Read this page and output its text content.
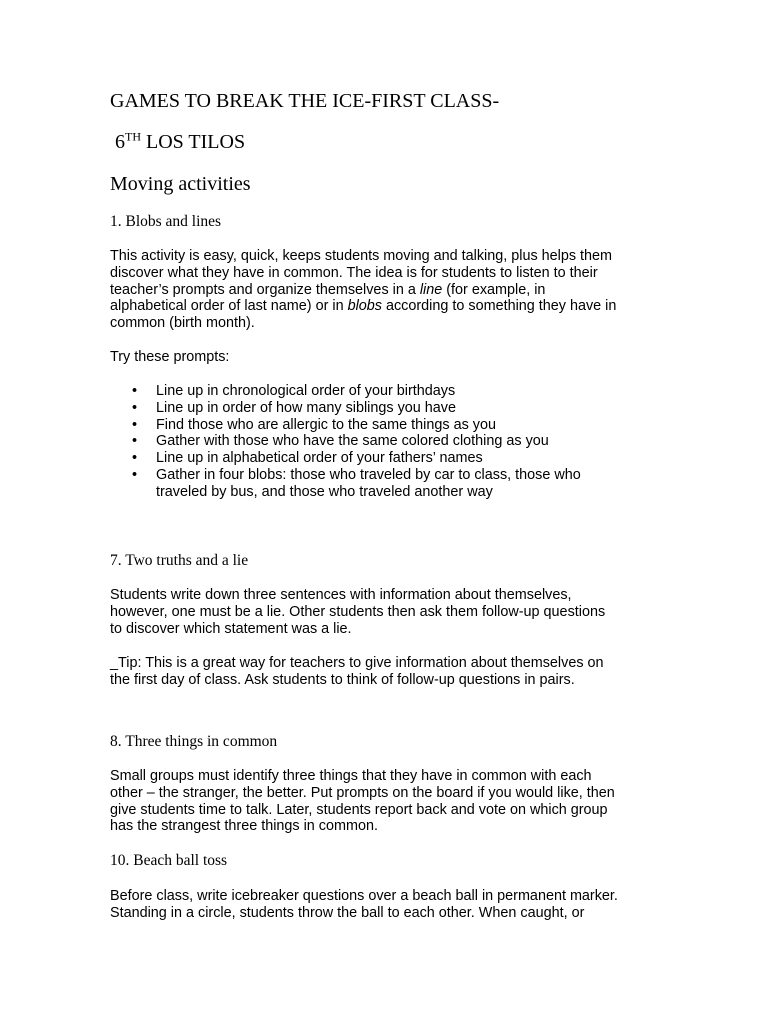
GAMES TO BREAK THE ICE-FIRST CLASS-
6TH LOS TILOS
Moving activities
1. Blobs and lines

This activity is easy, quick, keeps students moving and talking, plus helps them
discover what they have in common. The idea is for students to listen to their
teacher’s prompts and organize themselves in a line (for example, in
alphabetical order of last name) or in blobs according to something they have in
common (birth month).

Try these prompts:

• Line up in chronological order of your birthdays
• Line up in order of how many siblings you have
• Find those who are allergic to the same things as you
• Gather with those who have the same colored clothing as you
• Line up in alphabetical order of your fathers’ names
• Gather in four blobs: those who traveled by car to class, those who
traveled by bus, and those who traveled another way
7. Two truths and a lie

Students write down three sentences with information about themselves,
however, one must be a lie. Other students then ask them follow-up questions
to discover which statement was a lie.

_Tip: This is a great way for teachers to give information about themselves on
the first day of class. Ask students to think of follow-up questions in pairs.

8. Three things in common

Small groups must identify three things that they have in common with each
other – the stranger, the better. Put prompts on the board if you would like, then
give students time to talk. Later, students report back and vote on which group
has the strangest three things in common.

10. Beach ball toss

Before class, write icebreaker questions over a beach ball in permanent marker.
Standing in a circle, students throw the ball to each other. When caught, or
